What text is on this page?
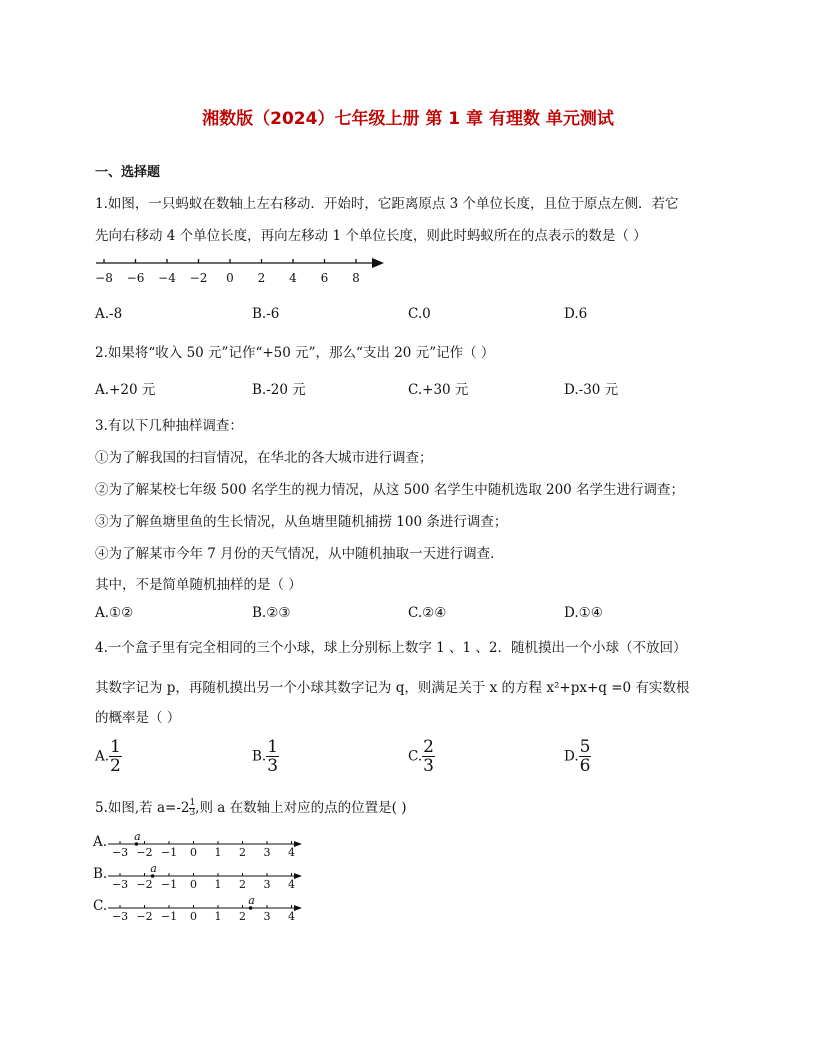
湘数版（2024）七年级上册 第 1 章 有理数 单元测试
一、选择题
1.如图，一只蚂蚁在数轴上左右移动．开始时，它距离原点 3 个单位长度，且位于原点左侧．若它
先向右移动 4 个单位长度，再向左移动 1 个单位长度，则此时蚂蚁所在的点表示的数是（ ）
−8 −6 −4 −2 0 2 4 6 8
A.-8	B.-6	C.0	D.6
2.如果将“收入 50 元”记作“+50 元”，那么“支出 20 元”记作（ ）
A.+20 元	B.-20 元	C.+30 元	D.-30 元
3.有以下几种抽样调查：
①为了解我国的扫盲情况，在华北的各大城市进行调查；
②为了解某校七年级 500 名学生的视力情况，从这 500 名学生中随机选取 200 名学生进行调查；
③为了解鱼塘里鱼的生长情况，从鱼塘里随机捕捞 100 条进行调查；
④为了解某市今年 7 月份的天气情况，从中随机抽取一天进行调查．
其中，不是简单随机抽样的是（ ）
A.①②	B.②③	C.②④	D.①④
4.一个盒子里有完全相同的三个小球，球上分别标上数字 1 、1 、2．随机摸出一个小球（不放回）
其数字记为 p，再随机摸出另一个小球其数字记为 q，则满足关于 x 的方程 x²+px+q =0 有实数根
的概率是（ ）
A. $\frac{1}{2}$	B. $\frac{1}{3}$	C. $\frac{2}{3}$	D. $\frac{5}{6}$
5.如图,若 $a=-2 \frac{1}{3}$,则 a 在数轴上对应的点的位置是( )
A.
−3 −2 −1 0 1 2 3 4
a
B.
−3 −2 −1 0 1 2 3 4
a
C.
−3 −2 −1 0 1 2 3 4
a
